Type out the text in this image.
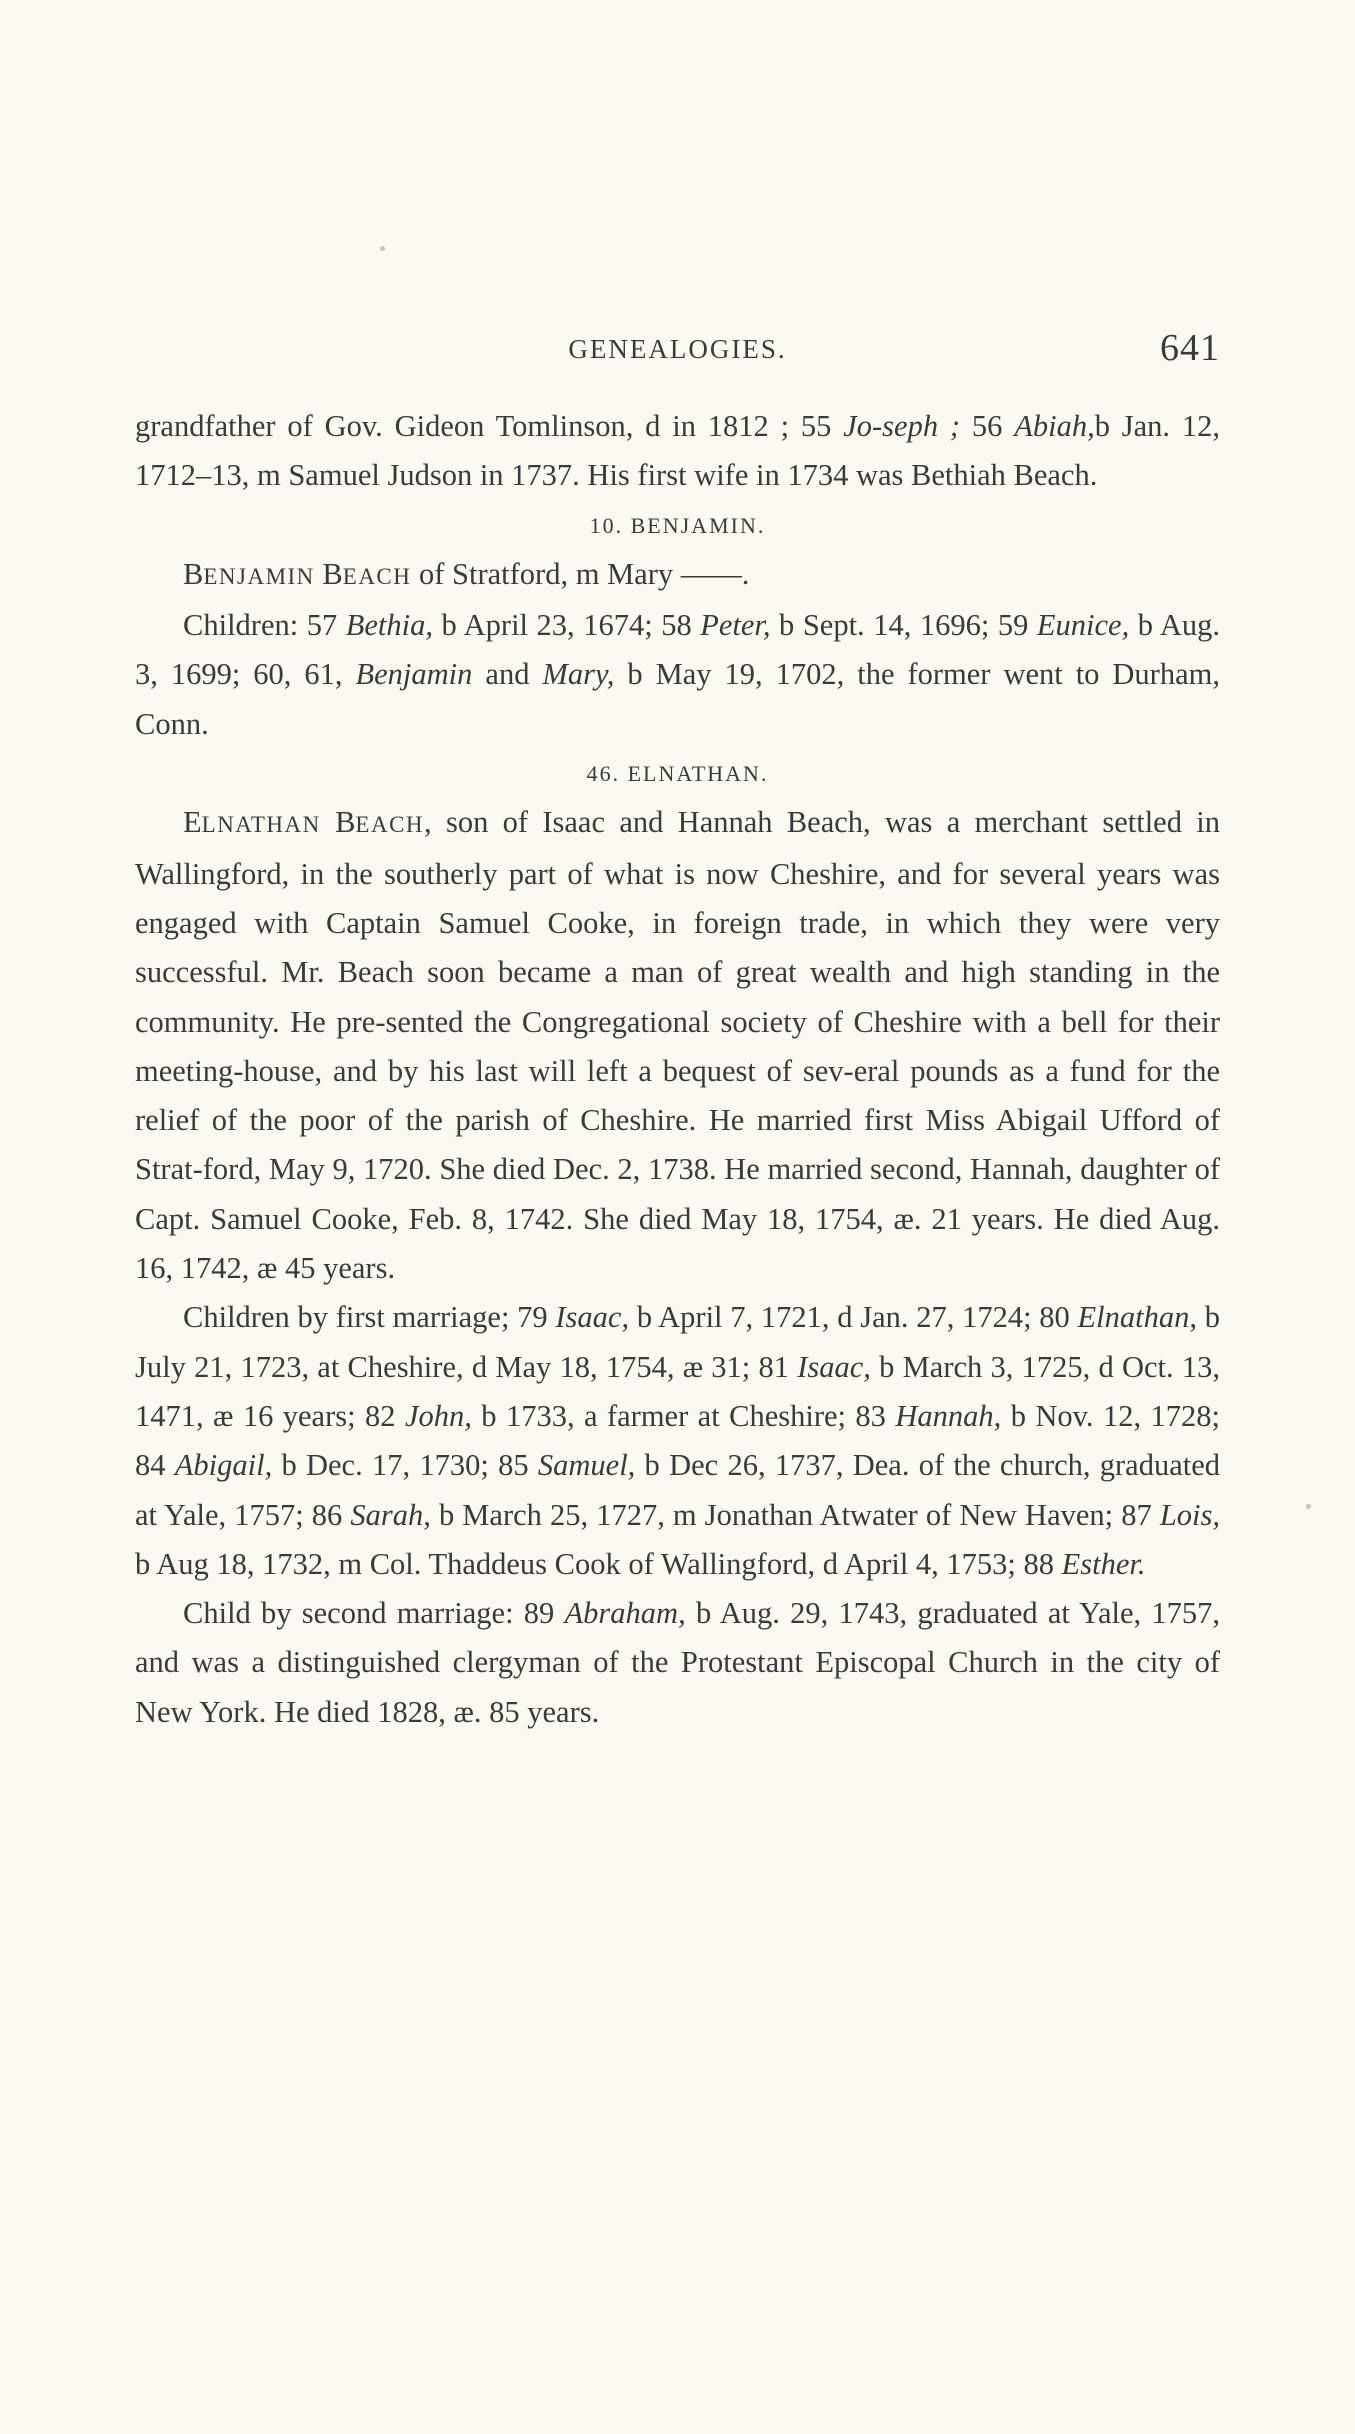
GENEALOGIES.	641

grandfather of Gov. Gideon Tomlinson, d in 1812 ; 55 Jo-seph ; 56 Abiah,b Jan. 12, 1712–13, m Samuel Judson in 1737. His first wife in 1734 was Bethiah Beach.

10. BENJAMIN.

BENJAMIN BEACH of Stratford, m Mary ——.

Children: 57 Bethia, b April 23, 1674; 58 Peter, b Sept. 14, 1696; 59 Eunice, b Aug. 3, 1699; 60, 61, Benjamin and Mary, b May 19, 1702, the former went to Durham, Conn.

46. ELNATHAN.

ELNATHAN BEACH, son of Isaac and Hannah Beach, was a merchant settled in Wallingford, in the southerly part of what is now Cheshire, and for several years was engaged with Captain Samuel Cooke, in foreign trade, in which they were very successful. Mr. Beach soon became a man of great wealth and high standing in the community. He pre-sented the Congregational society of Cheshire with a bell for their meeting-house, and by his last will left a bequest of sev-eral pounds as a fund for the relief of the poor of the parish of Cheshire. He married first Miss Abigail Ufford of Strat-ford, May 9, 1720. She died Dec. 2, 1738. He married second, Hannah, daughter of Capt. Samuel Cooke, Feb. 8, 1742. She died May 18, 1754, æ. 21 years. He died Aug. 16, 1742, æ 45 years.

Children by first marriage; 79 Isaac, b April 7, 1721, d Jan. 27, 1724; 80 Elnathan, b July 21, 1723, at Cheshire, d May 18, 1754, æ 31; 81 Isaac, b March 3, 1725, d Oct. 13, 1471, æ 16 years; 82 John, b 1733, a farmer at Cheshire; 83 Hannah, b Nov. 12, 1728; 84 Abigail, b Dec. 17, 1730; 85 Samuel, b Dec 26, 1737, Dea. of the church, graduated at Yale, 1757; 86 Sarah, b March 25, 1727, m Jonathan Atwater of New Haven; 87 Lois, b Aug 18, 1732, m Col. Thaddeus Cook of Wallingford, d April 4, 1753; 88 Esther.

Child by second marriage: 89 Abraham, b Aug. 29, 1743, graduated at Yale, 1757, and was a distinguished clergyman of the Protestant Episcopal Church in the city of New York. He died 1828, æ. 85 years.
